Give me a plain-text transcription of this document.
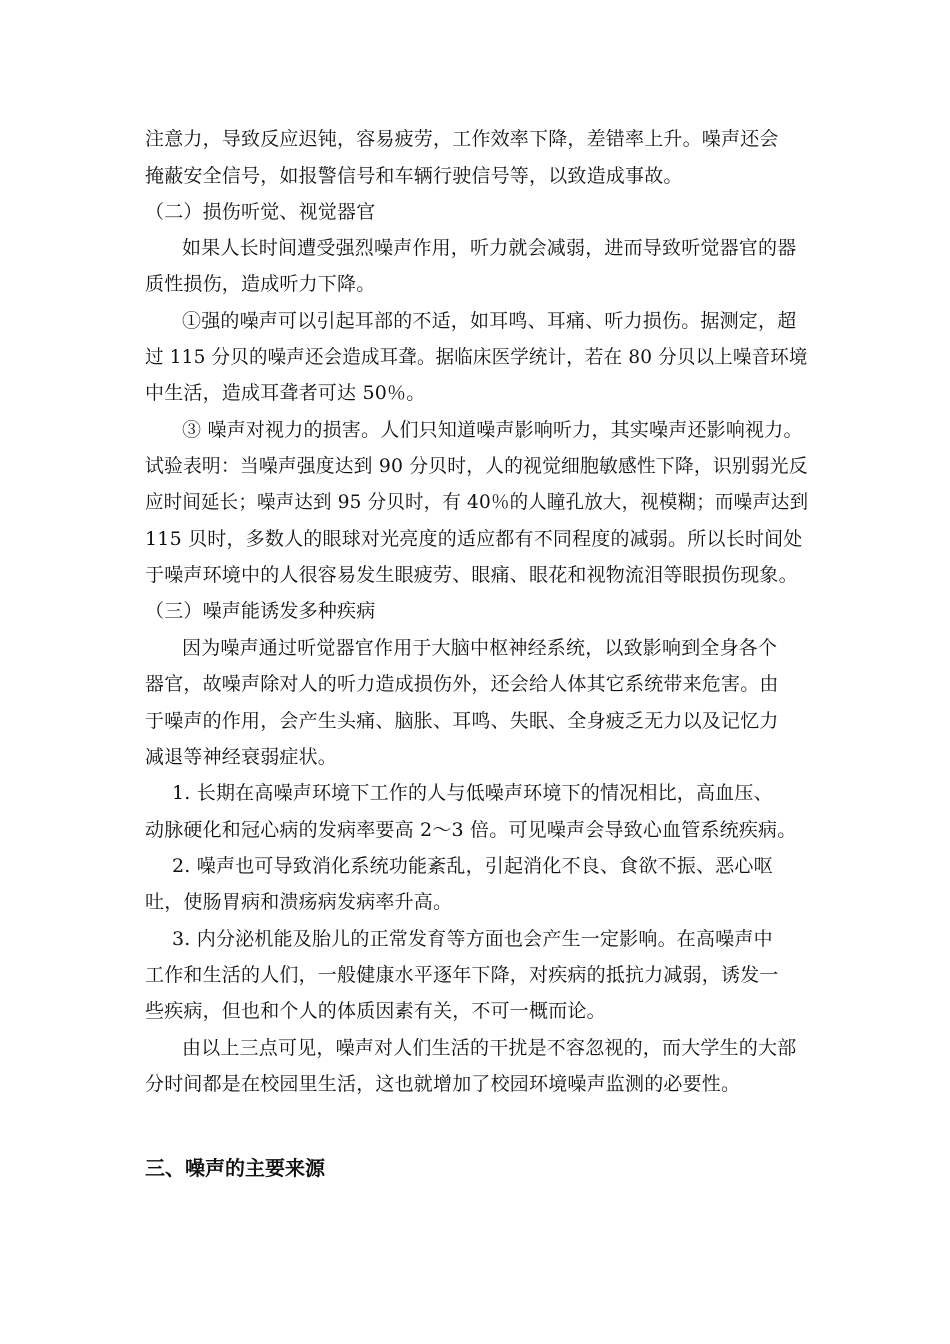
注意力，导致反应迟钝，容易疲劳，工作效率下降，差错率上升。噪声还会
掩蔽安全信号，如报警信号和车辆行驶信号等，以致造成事故。
（二）损伤听觉、视觉器官
如果人长时间遭受强烈噪声作用，听力就会减弱，进而导致听觉器官的器
质性损伤，造成听力下降。
①强的噪声可以引起耳部的不适，如耳鸣、耳痛、听力损伤。据测定，超
过 115 分贝的噪声还会造成耳聋。据临床医学统计，若在 80 分贝以上噪音环境
中生活，造成耳聋者可达 50％。
③ 噪声对视力的损害。人们只知道噪声影响听力，其实噪声还影响视力。
试验表明：当噪声强度达到 90 分贝时，人的视觉细胞敏感性下降，识别弱光反
应时间延长；噪声达到 95 分贝时，有 40％的人瞳孔放大，视模糊；而噪声达到
115 贝时，多数人的眼球对光亮度的适应都有不同程度的减弱。所以长时间处
于噪声环境中的人很容易发生眼疲劳、眼痛、眼花和视物流泪等眼损伤现象。
（三）噪声能诱发多种疾病
因为噪声通过听觉器官作用于大脑中枢神经系统，以致影响到全身各个
器官，故噪声除对人的听力造成损伤外，还会给人体其它系统带来危害。由
于噪声的作用，会产生头痛、脑胀、耳鸣、失眠、全身疲乏无力以及记忆力
减退等神经衰弱症状。
1. 长期在高噪声环境下工作的人与低噪声环境下的情况相比，高血压、
动脉硬化和冠心病的发病率要高 2～3 倍。可见噪声会导致心血管系统疾病。
2. 噪声也可导致消化系统功能紊乱，引起消化不良、食欲不振、恶心呕
吐，使肠胃病和溃疡病发病率升高。
3. 内分泌机能及胎儿的正常发育等方面也会产生一定影响。在高噪声中
工作和生活的人们，一般健康水平逐年下降，对疾病的抵抗力减弱，诱发一
些疾病，但也和个人的体质因素有关，不可一概而论。
由以上三点可见，噪声对人们生活的干扰是不容忽视的，而大学生的大部
分时间都是在校园里生活，这也就增加了校园环境噪声监测的必要性。
三、噪声的主要来源
